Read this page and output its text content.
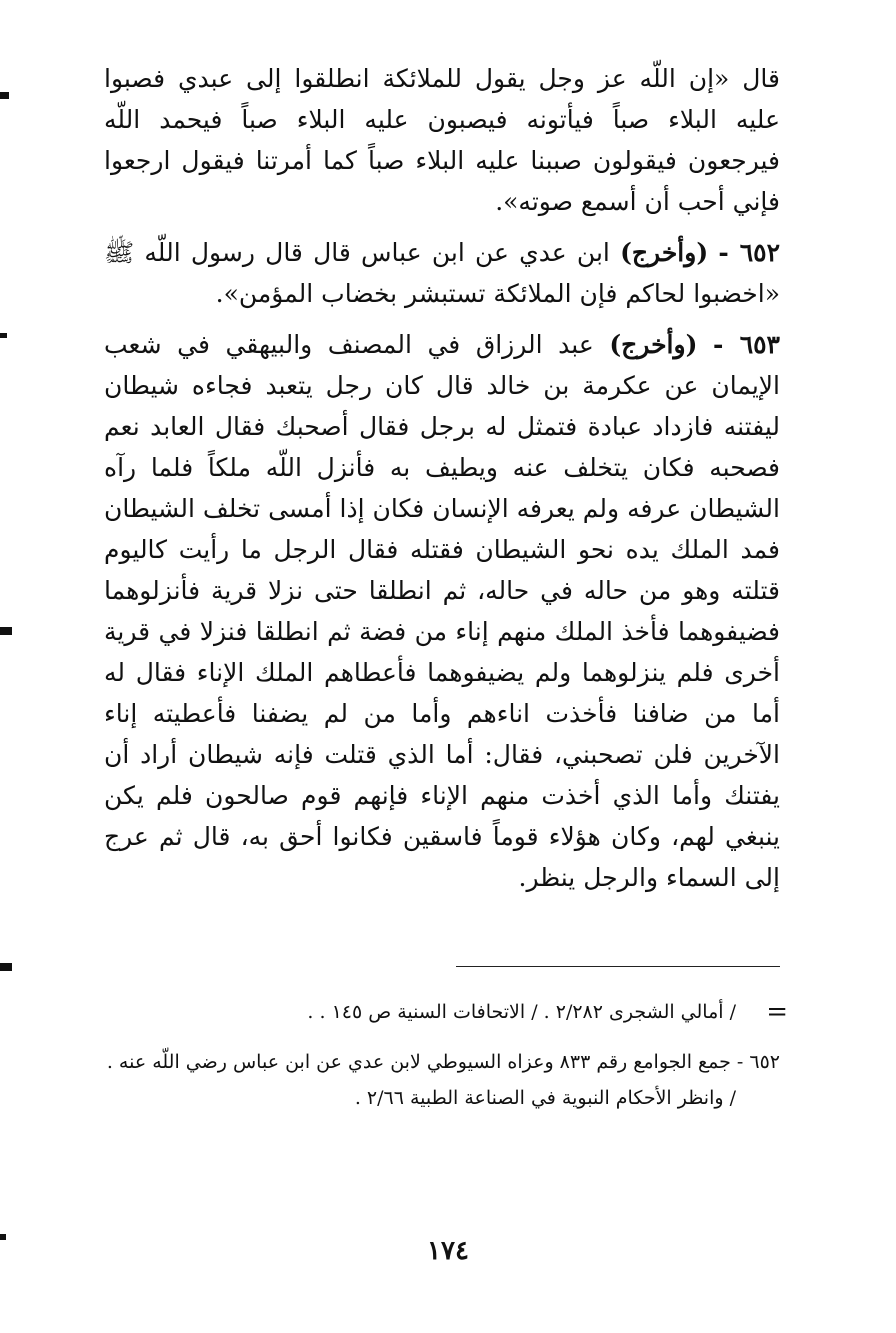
قال «إن اللّه عز وجل يقول للملائكة انطلقوا إلى عبدي فصبوا عليه البلاء صباً فيأتونه فيصبون عليه البلاء صباً فيحمد اللّه فيرجعون فيقولون صببنا عليه البلاء صباً كما أمرتنا فيقول ارجعوا فإني أحب أن أسمع صوته».

٦٥٢ - (وأخرج) ابن عدي عن ابن عباس قال قال رسول اللّه ﷺ «اخضبوا لحاكم فإن الملائكة تستبشر بخضاب المؤمن».

٦٥٣ - (وأخرج) عبد الرزاق في المصنف والبيهقي في شعب الإيمان عن عكرمة بن خالد قال كان رجل يتعبد فجاءه شيطان ليفتنه فازداد عبادة فتمثل له برجل فقال أصحبك فقال العابد نعم فصحبه فكان يتخلف عنه ويطيف به فأنزل اللّه ملكاً فلما رآه الشيطان عرفه ولم يعرفه الإنسان فكان إذا أمسى تخلف الشيطان فمد الملك يده نحو الشيطان فقتله فقال الرجل ما رأيت كاليوم قتلته وهو من حاله في حاله، ثم انطلقا حتى نزلا قرية فأنزلوهما فضيفوهما فأخذ الملك منهم إناء من فضة ثم انطلقا فنزلا في قرية أخرى فلم ينزلوهما ولم يضيفوهما فأعطاهم الملك الإناء فقال له أما من ضافنا فأخذت اناءهم وأما من لم يضفنا فأعطيته إناء الآخرين فلن تصحبني، فقال: أما الذي قتلت فإنه شيطان أراد أن يفتنك وأما الذي أخذت منهم الإناء فإنهم قوم صالحون فلم يكن ينبغي لهم، وكان هؤلاء قوماً فاسقين فكانوا أحق به، قال ثم عرج إلى السماء والرجل ينظر.

=

/ أمالي الشجرى ٢/٢٨٢ . / الاتحافات السنية ص ١٤٥ . .

٦٥٢ - جمع الجوامع رقم ٨٣٣ وعزاه السيوطي لابن عدي عن ابن عباس رضي اللّه عنه .

/ وانظر الأحكام النبوية في الصناعة الطبية ٢/٦٦ .

١٧٤
